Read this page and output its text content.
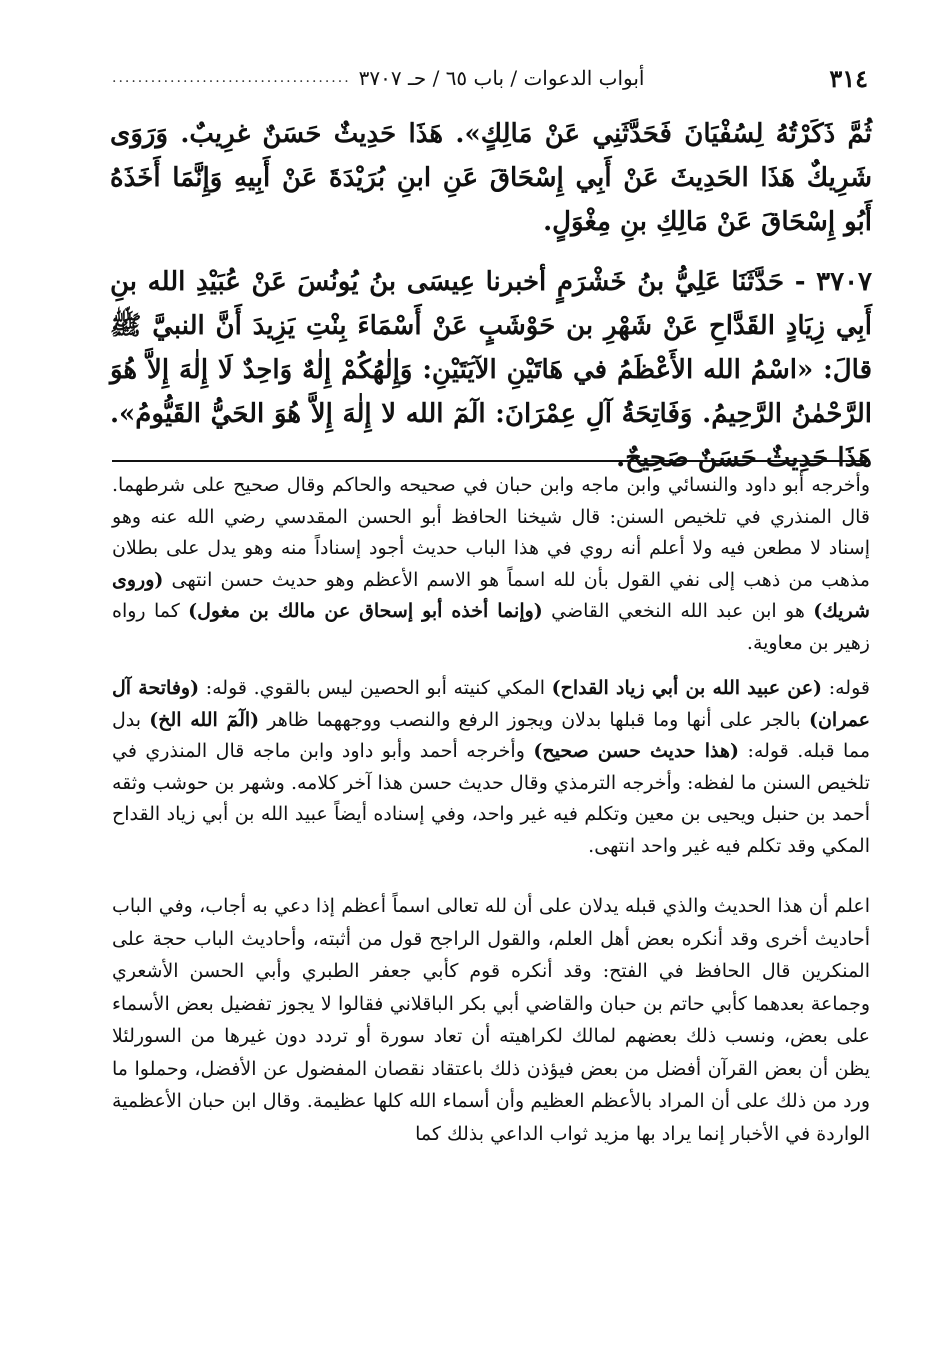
٣١٤
أبواب الدعوات / باب ٦٥ / حـ ٣٧٠٧
.....................................

ثُمَّ ذَكَرْتُهُ لِسُفْيَانَ فَحَدَّثَنِي عَنْ مَالِكٍ». هَذَا حَدِيثٌ حَسَنٌ غرِيبٌ. وَرَوَى شَرِيكٌ هَذَا الحَدِيثَ عَنْ أَبِي إِسْحَاقَ عَنِ ابنِ بُرَيْدَةَ عَنْ أَبِيهِ وَإِنَّمَا أَخَذَهُ أَبُو إِسْحَاقَ عَنْ مَالِكِ بنِ مِغْوَلٍ.

٣٧٠٧ - حَدَّثَنَا عَلِيُّ بنُ خَشْرَمٍ أخبرنا عِيسَى بنُ يُونُسَ عَنْ عُبَيْدِ الله بنِ أَبِي زِيَادٍ القَدَّاحِ عَنْ شَهْرِ بن حَوْشَبٍ عَنْ أَسْمَاءَ بِنْتِ يَزِيدَ أَنَّ النبيَّ ﷺ قالَ: «اسْمُ الله الأَعْظَمُ في هَاتَيْنِ الآيَتَيْنِ: وَإِلٰهُكُمْ إِلٰهٌ وَاحِدٌ لَا إِلٰهَ إِلاَّ هُوَ الرَّحْمٰنُ الرَّحِيمُ. وَفَاتِحَةُ آلِ عِمْرَانَ: الٓمٓ الله لا إِلٰهَ إِلاَّ هُوَ الحَيُّ القَيُّومُ». هَذَا حَدِيثٌ حَسَنٌ صَحِيحٌ.

وأخرجه أبو داود والنسائي وابن ماجه وابن حبان في صحيحه والحاكم وقال صحيح على شرطهما. قال المنذري في تلخيص السنن: قال شيخنا الحافظ أبو الحسن المقدسي رضي الله عنه وهو إسناد لا مطعن فيه ولا أعلم أنه روي في هذا الباب حديث أجود إسناداً منه وهو يدل على بطلان مذهب من ذهب إلى نفي القول بأن لله اسماً هو الاسم الأعظم وهو حديث حسن انتهى (وروى شريك) هو ابن عبد الله النخعي القاضي (وإنما أخذه أبو إسحاق عن مالك بن مغول) كما رواه زهير بن معاوية.

قوله: (عن عبيد الله بن أبي زياد القداح) المكي كنيته أبو الحصين ليس بالقوي. قوله: (وفاتحة آل عمران) بالجر على أنها وما قبلها بدلان ويجوز الرفع والنصب ووجههما ظاهر (الٓمٓ الله الخ) بدل مما قبله. قوله: (هذا حديث حسن صحيح) وأخرجه أحمد وأبو داود وابن ماجه قال المنذري في تلخيص السنن ما لفظه: وأخرجه الترمذي وقال حديث حسن هذا آخر كلامه. وشهر بن حوشب وثقه أحمد بن حنبل ويحيى بن معين وتكلم فيه غير واحد، وفي إسناده أيضاً عبيد الله بن أبي زياد القداح المكي وقد تكلم فيه غير واحد انتهى.

اعلم أن هذا الحديث والذي قبله يدلان على أن لله تعالى اسماً أعظم إذا دعي به أجاب، وفي الباب أحاديث أخرى وقد أنكره بعض أهل العلم، والقول الراجح قول من أثبته، وأحاديث الباب حجة على المنكرين قال الحافظ في الفتح: وقد أنكره قوم كأبي جعفر الطبري وأبي الحسن الأشعري وجماعة بعدهما كأبي حاتم بن حبان والقاضي أبي بكر الباقلاني فقالوا لا يجوز تفضيل بعض الأسماء على بعض، ونسب ذلك بعضهم لمالك لكراهيته أن تعاد سورة أو تردد دون غيرها من السورلئلا يظن أن بعض القرآن أفضل من بعض فيؤذن ذلك باعتقاد نقصان المفضول عن الأفضل، وحملوا ما ورد من ذلك على أن المراد بالأعظم العظيم وأن أسماء الله كلها عظيمة. وقال ابن حبان الأعظمية الواردة في الأخبار إنما يراد بها مزيد ثواب الداعي بذلك كما
